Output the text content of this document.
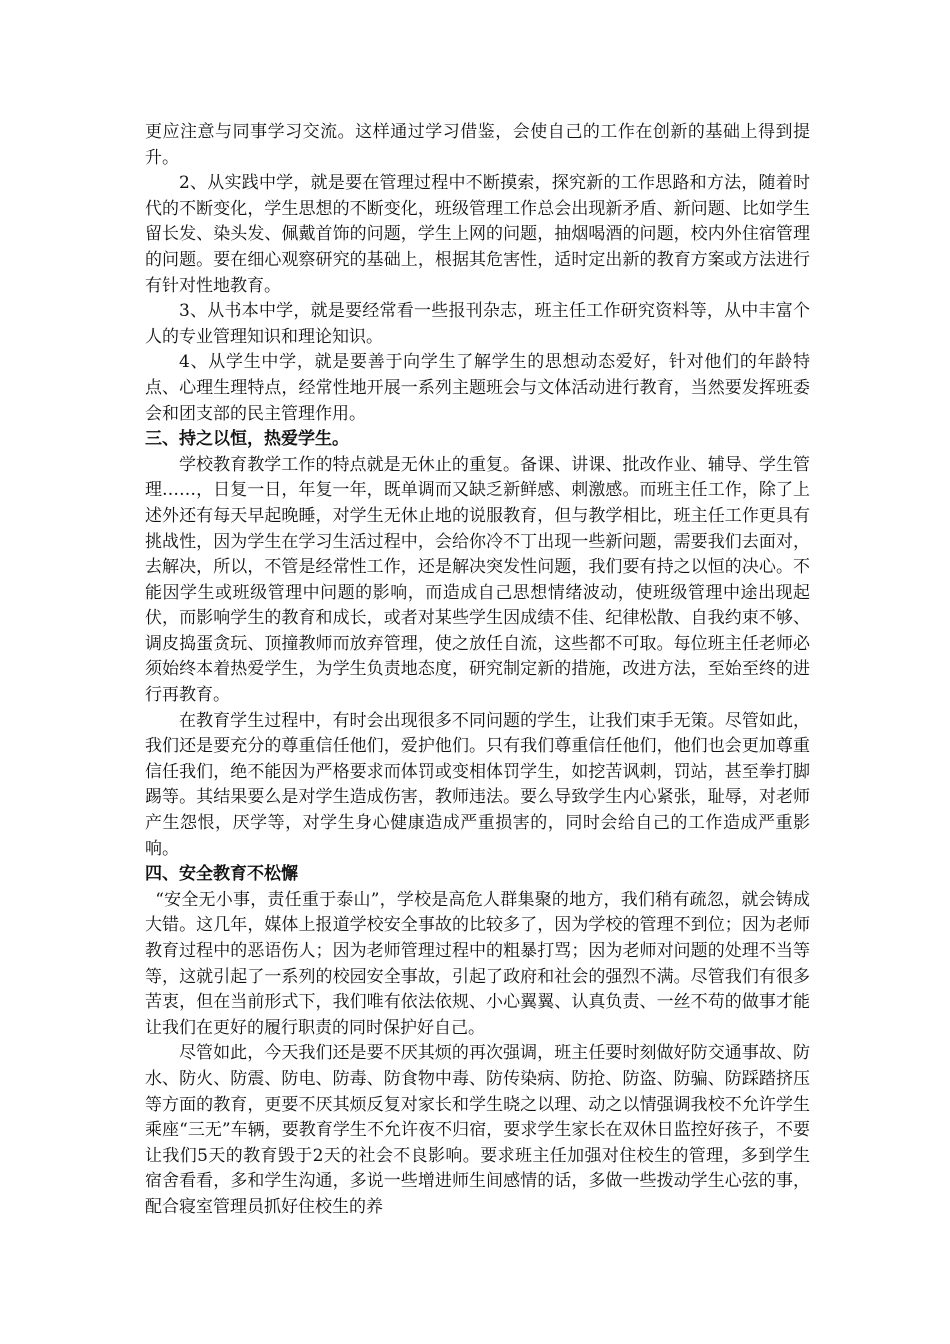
更应注意与同事学习交流。这样通过学习借鉴，会使自己的工作在创新的基础上得到提升。

2、从实践中学，就是要在管理过程中不断摸索，探究新的工作思路和方法，随着时代的不断变化，学生思想的不断变化，班级管理工作总会出现新矛盾、新问题、比如学生留长发、染头发、佩戴首饰的问题，学生上网的问题，抽烟喝酒的问题，校内外住宿管理的问题。要在细心观察研究的基础上，根据其危害性，适时定出新的教育方案或方法进行有针对性地教育。

3、从书本中学，就是要经常看一些报刊杂志，班主任工作研究资料等，从中丰富个人的专业管理知识和理论知识。

4、从学生中学，就是要善于向学生了解学生的思想动态爱好，针对他们的年龄特点、心理生理特点，经常性地开展一系列主题班会与文体活动进行教育，当然要发挥班委会和团支部的民主管理作用。

三、持之以恒，热爱学生。

学校教育教学工作的特点就是无休止的重复。备课、讲课、批改作业、辅导、学生管理……，日复一日，年复一年，既单调而又缺乏新鲜感、刺激感。而班主任工作，除了上述外还有每天早起晚睡，对学生无休止地的说服教育，但与教学相比，班主任工作更具有挑战性，因为学生在学习生活过程中，会给你冷不丁出现一些新问题，需要我们去面对，去解决，所以，不管是经常性工作，还是解决突发性问题，我们要有持之以恒的决心。不能因学生或班级管理中问题的影响，而造成自己思想情绪波动，使班级管理中途出现起伏，而影响学生的教育和成长，或者对某些学生因成绩不佳、纪律松散、自我约束不够、调皮捣蛋贪玩、顶撞教师而放弃管理，使之放任自流，这些都不可取。每位班主任老师必须始终本着热爱学生，为学生负责地态度，研究制定新的措施，改进方法，至始至终的进行再教育。

在教育学生过程中，有时会出现很多不同问题的学生，让我们束手无策。尽管如此，我们还是要充分的尊重信任他们，爱护他们。只有我们尊重信任他们，他们也会更加尊重信任我们，绝不能因为严格要求而体罚或变相体罚学生，如挖苦讽刺，罚站，甚至拳打脚踢等。其结果要么是对学生造成伤害，教师违法。要么导致学生内心紧张，耻辱，对老师产生怨恨，厌学等，对学生身心健康造成严重损害的，同时会给自己的工作造成严重影响。

四、安全教育不松懈

“安全无小事，责任重于泰山”，学校是高危人群集聚的地方，我们稍有疏忽，就会铸成大错。这几年，媒体上报道学校安全事故的比较多了，因为学校的管理不到位；因为老师教育过程中的恶语伤人；因为老师管理过程中的粗暴打骂；因为老师对问题的处理不当等等，这就引起了一系列的校园安全事故，引起了政府和社会的强烈不满。尽管我们有很多苦衷，但在当前形式下，我们唯有依法依规、小心翼翼、认真负责、一丝不苟的做事才能让我们在更好的履行职责的同时保护好自己。

尽管如此，今天我们还是要不厌其烦的再次强调，班主任要时刻做好防交通事故、防水、防火、防震、防电、防毒、防食物中毒、防传染病、防抢、防盗、防骗、防踩踏挤压等方面的教育，更要不厌其烦反复对家长和学生晓之以理、动之以情强调我校不允许学生乘座“三无”车辆，要教育学生不允许夜不归宿，要求学生家长在双休日监控好孩子，不要让我们5天的教育毁于2天的社会不良影响。要求班主任加强对住校生的管理，多到学生宿舍看看，多和学生沟通，多说一些增进师生间感情的话，多做一些拨动学生心弦的事，配合寝室管理员抓好住校生的养
